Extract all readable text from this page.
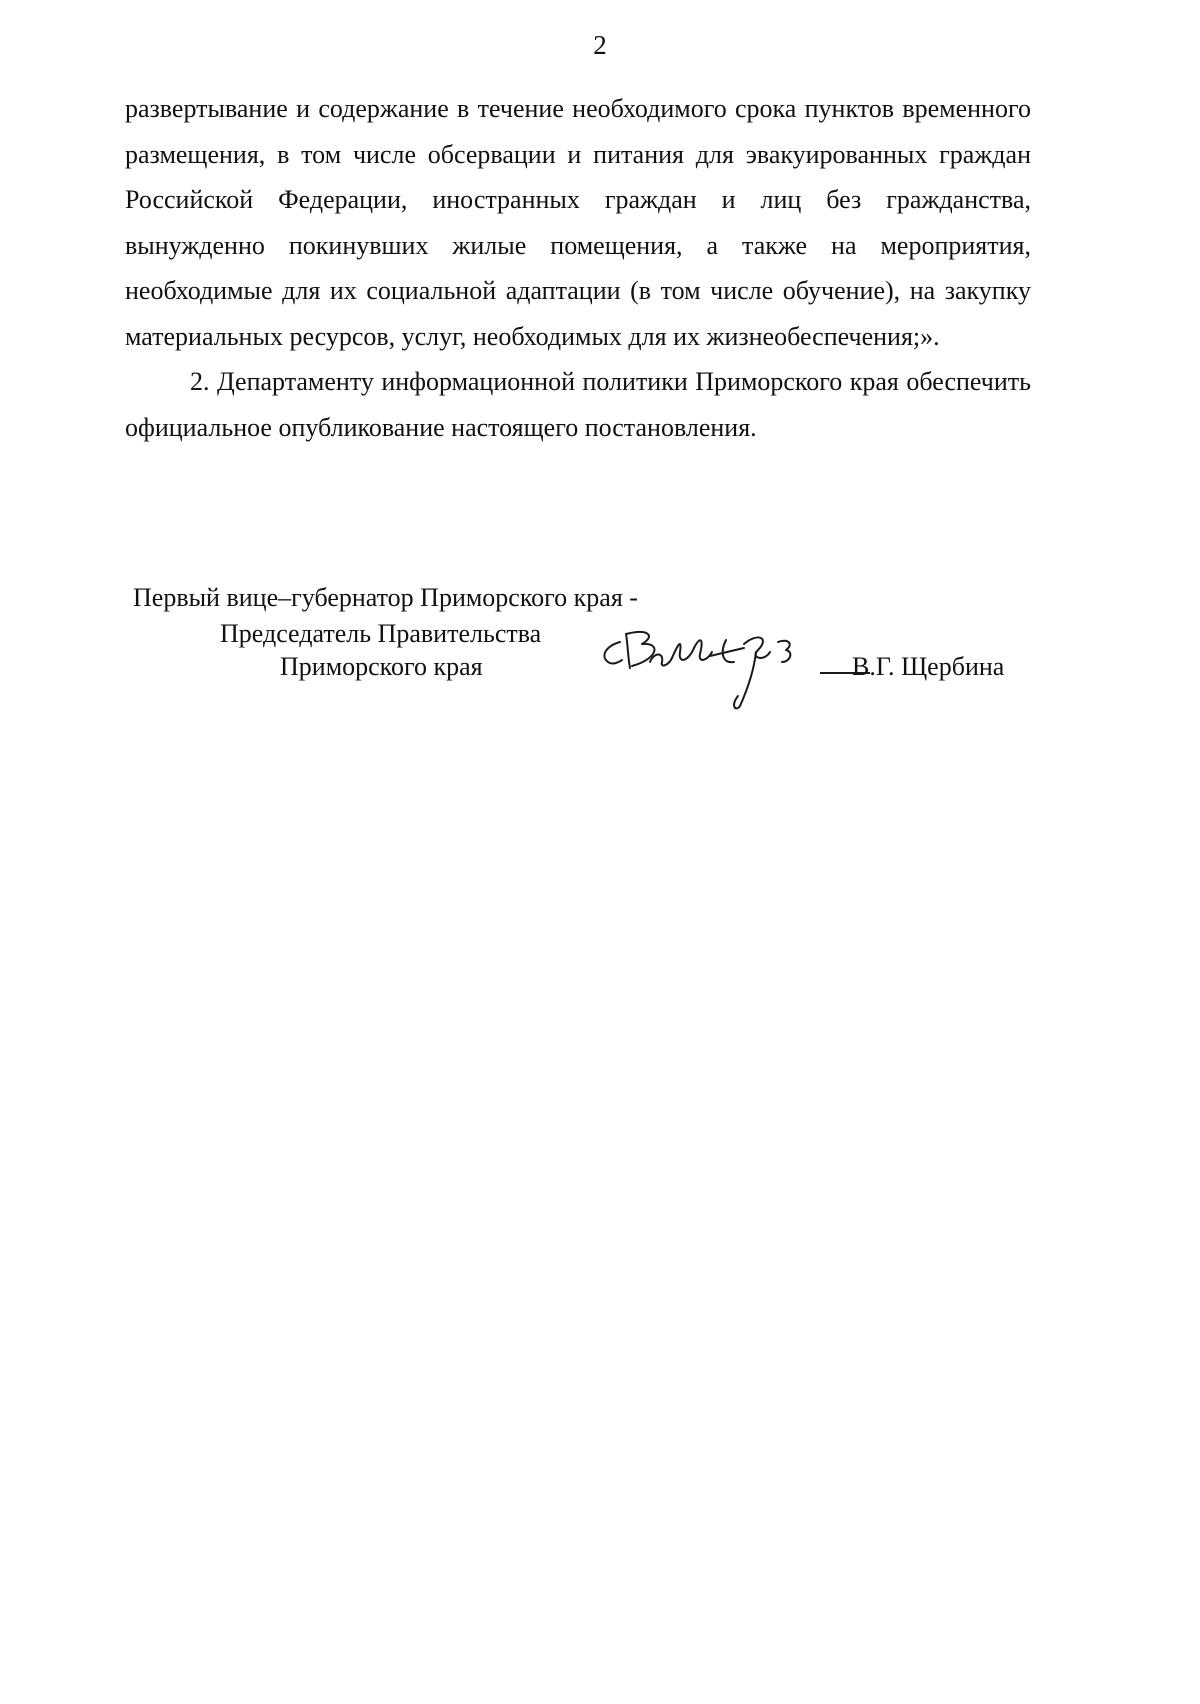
2

развертывание и содержание в течение необходимого срока пунктов временного размещения, в том числе обсервации и питания для эвакуированных граждан Российской Федерации, иностранных граждан и лиц без гражданства, вынужденно покинувших жилые помещения, а также на мероприятия, необходимые для их социальной адаптации (в том числе обучение), на закупку материальных ресурсов, услуг, необходимых для их жизнеобеспечения;».

2. Департаменту информационной политики Приморского края обеспечить официальное опубликование настоящего постановления.

Первый вице–губернатор Приморского края -
Председатель Правительства
Приморского края	В.Г. Щербина
